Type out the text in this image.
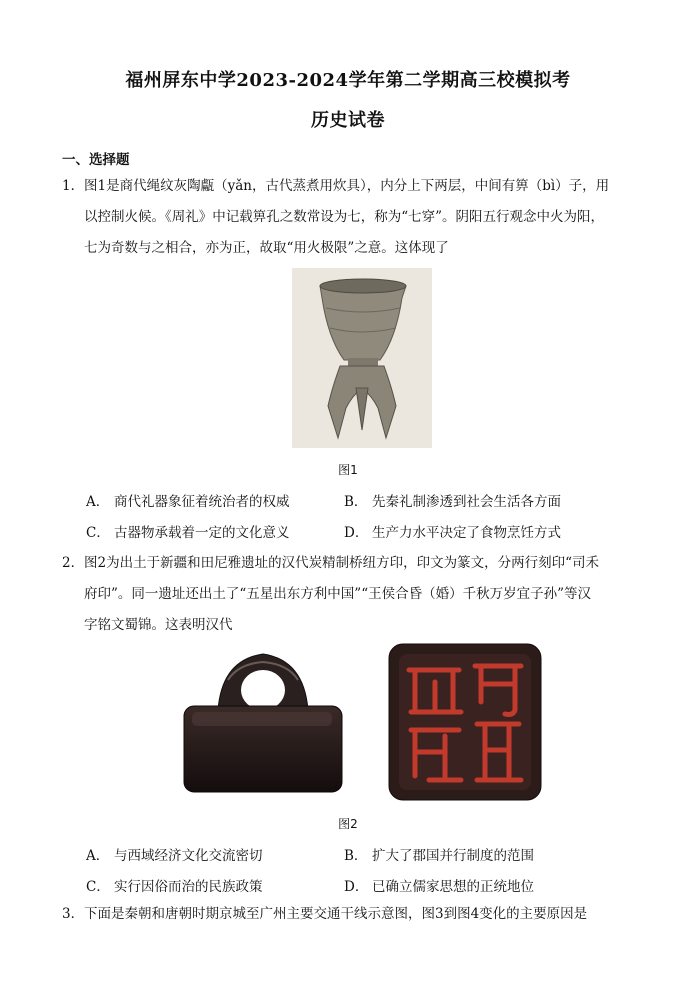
福州屏东中学2023-2024学年第二学期高三校模拟考
历史试卷
一、选择题
1．图1是商代绳纹灰陶甗（yǎn，古代蒸煮用炊具），内分上下两层，中间有箅（bì）子，用
以控制火候。《周礼》中记载箅孔之数常设为七，称为“七穿”。阴阳五行观念中火为阳，
七为奇数与之相合，亦为正，故取“用火极限”之意。这体现了
图1
A． 商代礼器象征着统治者的权威	B． 先秦礼制渗透到社会生活各方面
C． 古器物承载着一定的文化意义	D． 生产力水平决定了食物烹饪方式
2．图2为出土于新疆和田尼雅遗址的汉代炭精制桥纽方印，印文为篆文，分两行刻印“司禾
府印”。同一遗址还出土了“五星出东方利中国”“王侯合昏（婚）千秋万岁宜子孙”等汉
字铭文蜀锦。这表明汉代
图2
A． 与西域经济文化交流密切	B． 扩大了郡国并行制度的范围
C． 实行因俗而治的民族政策	D． 已确立儒家思想的正统地位
3．下面是秦朝和唐朝时期京城至广州主要交通干线示意图，图3到图4变化的主要原因是
